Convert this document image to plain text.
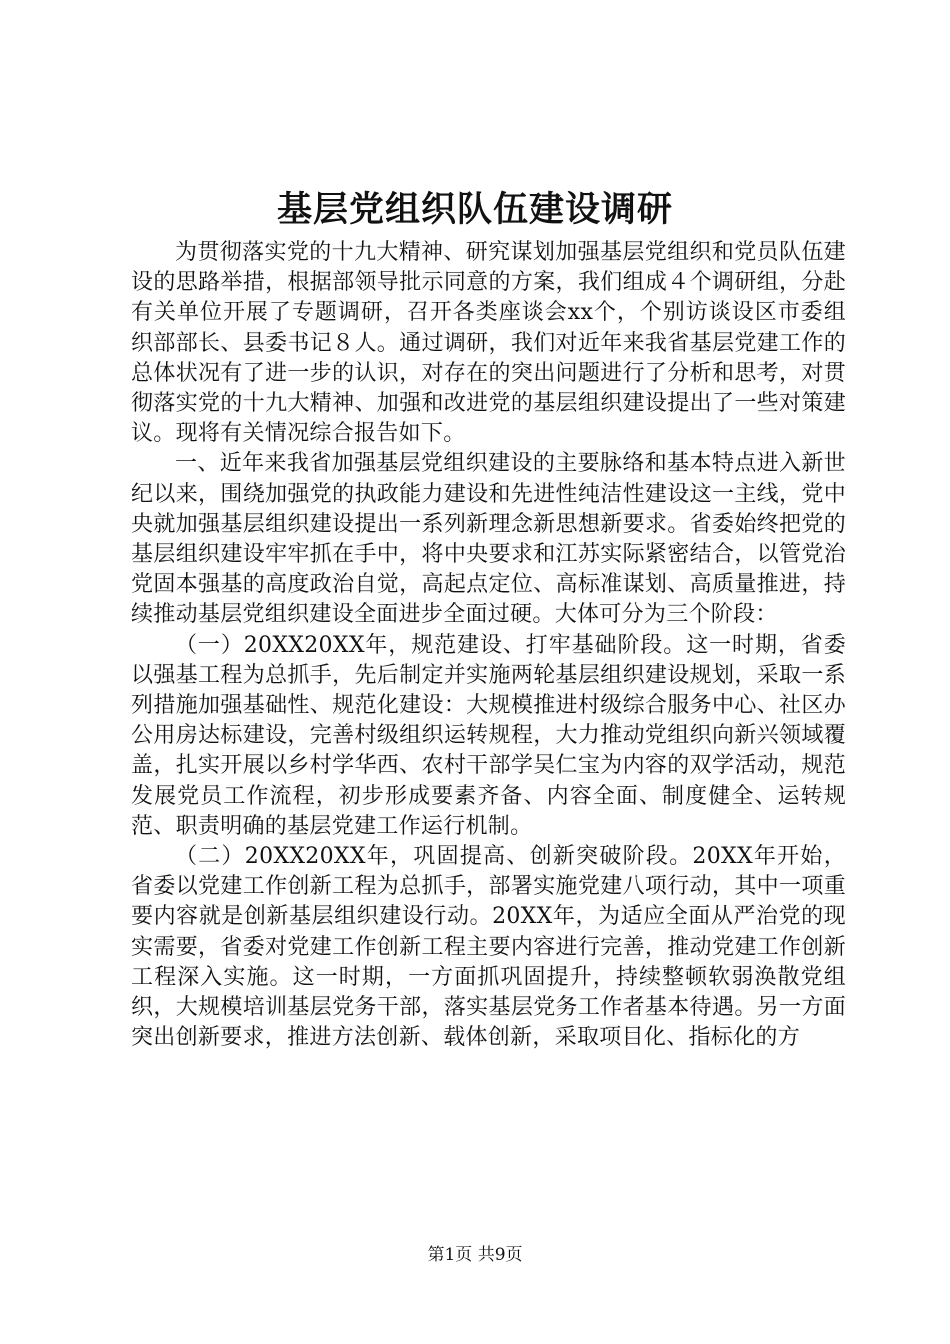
基层党组织队伍建设调研

为贯彻落实党的十九大精神、研究谋划加强基层党组织和党员队伍建设的思路举措，根据部领导批示同意的方案，我们组成４个调研组，分赴有关单位开展了专题调研，召开各类座谈会xx个，个别访谈设区市委组织部部长、县委书记８人。通过调研，我们对近年来我省基层党建工作的总体状况有了进一步的认识，对存在的突出问题进行了分析和思考，对贯彻落实党的十九大精神、加强和改进党的基层组织建设提出了一些对策建议。现将有关情况综合报告如下。

一、近年来我省加强基层党组织建设的主要脉络和基本特点进入新世纪以来，围绕加强党的执政能力建设和先进性纯洁性建设这一主线，党中央就加强基层组织建设提出一系列新理念新思想新要求。省委始终把党的基层组织建设牢牢抓在手中，将中央要求和江苏实际紧密结合，以管党治党固本强基的高度政治自觉，高起点定位、高标准谋划、高质量推进，持续推动基层党组织建设全面进步全面过硬。大体可分为三个阶段：

（一）20XX20XX年，规范建设、打牢基础阶段。这一时期，省委以强基工程为总抓手，先后制定并实施两轮基层组织建设规划，采取一系列措施加强基础性、规范化建设：大规模推进村级综合服务中心、社区办公用房达标建设，完善村级组织运转规程，大力推动党组织向新兴领域覆盖，扎实开展以乡村学华西、农村干部学吴仁宝为内容的双学活动，规范发展党员工作流程，初步形成要素齐备、内容全面、制度健全、运转规范、职责明确的基层党建工作运行机制。

（二）20XX20XX年，巩固提高、创新突破阶段。20XX年开始，省委以党建工作创新工程为总抓手，部署实施党建八项行动，其中一项重要内容就是创新基层组织建设行动。20XX年，为适应全面从严治党的现实需要，省委对党建工作创新工程主要内容进行完善，推动党建工作创新工程深入实施。这一时期，一方面抓巩固提升，持续整顿软弱涣散党组织，大规模培训基层党务干部，落实基层党务工作者基本待遇。另一方面突出创新要求，推进方法创新、载体创新，采取项目化、指标化的方

第1页 共9页
